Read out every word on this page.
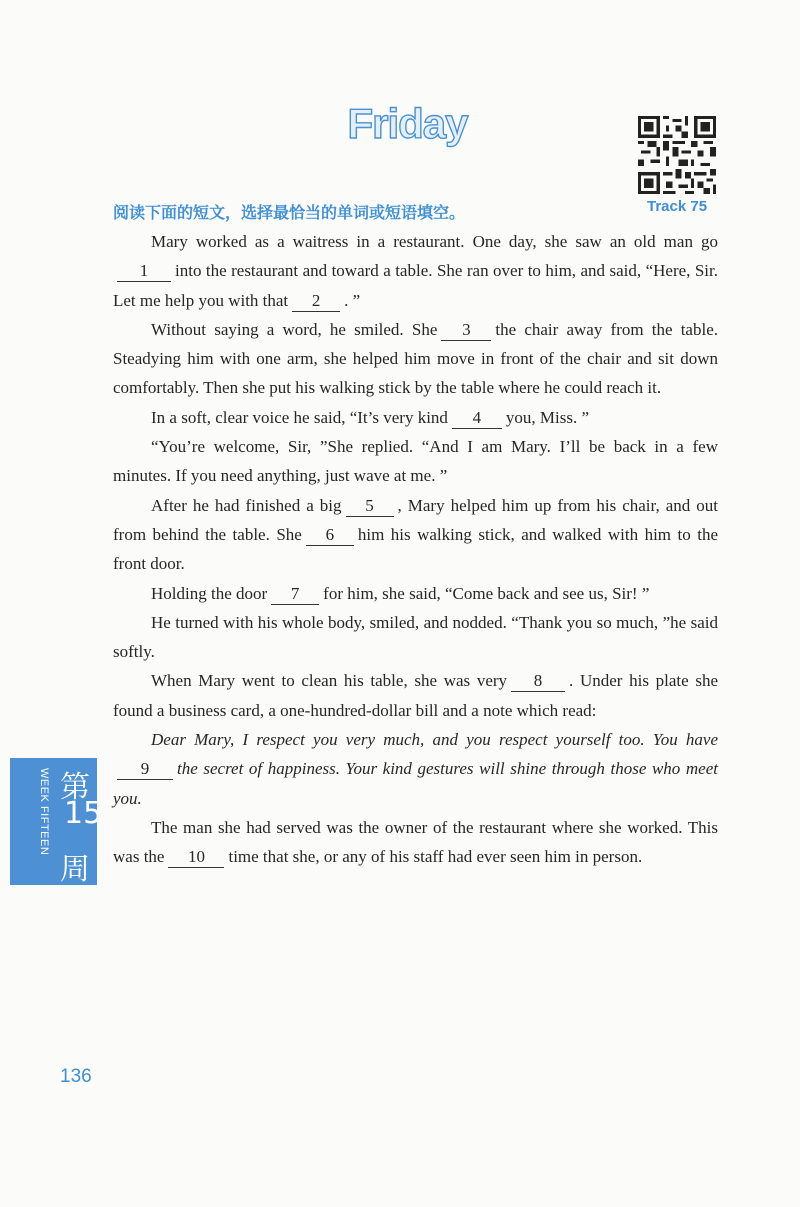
Friday
Track 75
阅读下面的短文，选择最恰当的单词或短语填空。

Mary worked as a waitress in a restaurant. One day, she saw an old man go1 into the restaurant and toward a table. She ran over to him, and said, “Here, Sir. Let me help you with that 2 . ”

Without saying a word, he smiled. She 3 the chair away from the table. Steadying him with one arm, she helped him move in front of the chair and sit down comfortably. Then she put his walking stick by the table where he could reach it.

In a soft, clear voice he said, “It’s very kind 4 you, Miss. ”

“You’re welcome, Sir, ”She replied. “And I am Mary. I’ll be back in a few minutes. If you need anything, just wave at me. ”

After he had finished a big 5 , Mary helped him up from his chair, and out from behind the table. She 6 him his walking stick, and walked with him to the front door.

Holding the door 7 for him, she said, “Come back and see us, Sir! ”

He turned with his whole body, smiled, and nodded. “Thank you so much, ”he said softly.

When Mary went to clean his table, she was very 8 . Under his plate she found a business card, a one-hundred-dollar bill and a note which read:

Dear Mary, I respect you very much, and you respect yourself too. You have9 the secret of happiness. Your kind gestures will shine through those who meet you.

The man she had served was the owner of the restaurant where she worked. This was the 10 time that she, or any of his staff had ever seen him in person.

WEEK FIFTEEN 第
15
周
136
